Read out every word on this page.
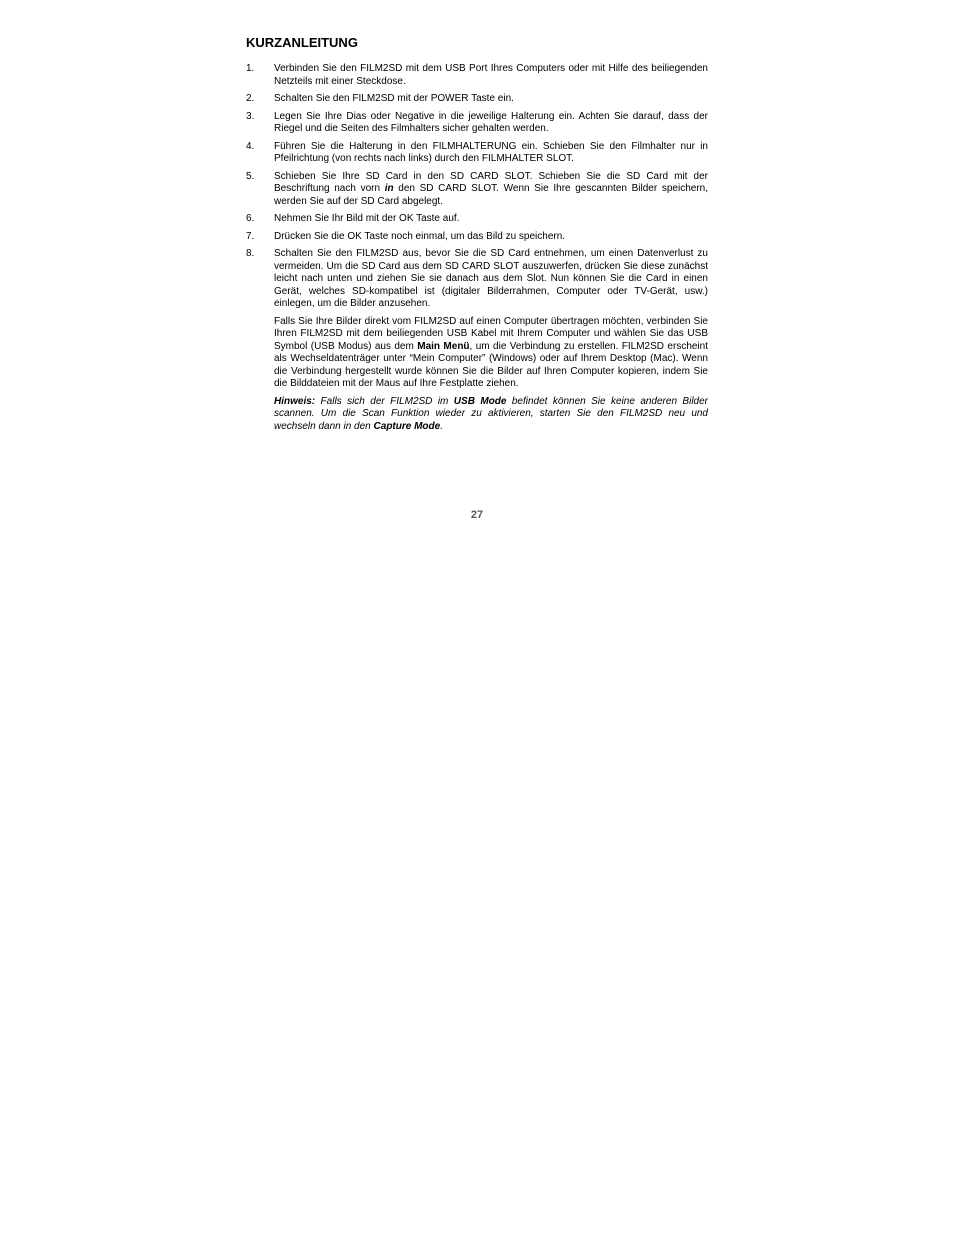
KURZANLEITUNG
1.	Verbinden Sie den FILM2SD mit dem USB Port Ihres Computers oder mit Hilfe des beiliegenden Netzteils mit einer Steckdose.
2.	Schalten Sie den FILM2SD mit der POWER Taste ein.
3.	Legen Sie Ihre Dias oder Negative in die jeweilige Halterung ein. Achten Sie darauf, dass der Riegel und die Seiten des Filmhalters sicher gehalten werden.
4.	Führen Sie die Halterung in den FILMHALTERUNG ein. Schieben Sie den Filmhalter nur in Pfeilrichtung (von rechts nach links) durch den FILMHALTER SLOT.
5.	Schieben Sie Ihre SD Card in den SD CARD SLOT. Schieben Sie die SD Card mit der Beschriftung nach vorn in den SD CARD SLOT. Wenn Sie Ihre gescannten Bilder speichern, werden Sie auf der SD Card abgelegt.
6.	Nehmen Sie Ihr Bild mit der OK Taste auf.
7.	Drücken Sie die OK Taste noch einmal, um das Bild zu speichern.
8.	Schalten Sie den FILM2SD aus, bevor Sie die SD Card entnehmen, um einen Datenverlust zu vermeiden. Um die SD Card aus dem SD CARD SLOT auszuwerfen, drücken Sie diese zunächst leicht nach unten und ziehen Sie sie danach aus dem Slot. Nun können Sie die Card in einen Gerät, welches SD-kompatibel ist (digitaler Bilderrahmen, Computer oder TV-Gerät, usw.) einlegen, um die Bilder anzusehen.
Falls Sie Ihre Bilder direkt vom FILM2SD auf einen Computer übertragen möchten, verbinden Sie Ihren FILM2SD mit dem beiliegenden USB Kabel mit Ihrem Computer und wählen Sie das USB Symbol (USB Modus) aus dem Main Menü, um die Verbindung zu erstellen. FILM2SD erscheint als Wechseldatenträger unter “Mein Computer” (Windows) oder auf Ihrem Desktop (Mac). Wenn die Verbindung hergestellt wurde können Sie die Bilder auf Ihren Computer kopieren, indem Sie die Bilddateien mit der Maus auf Ihre Festplatte ziehen.
Hinweis: Falls sich der FILM2SD im USB Mode befindet können Sie keine anderen Bilder scannen. Um die Scan Funktion wieder zu aktivieren, starten Sie den FILM2SD neu und wechseln dann in den Capture Mode.
27
